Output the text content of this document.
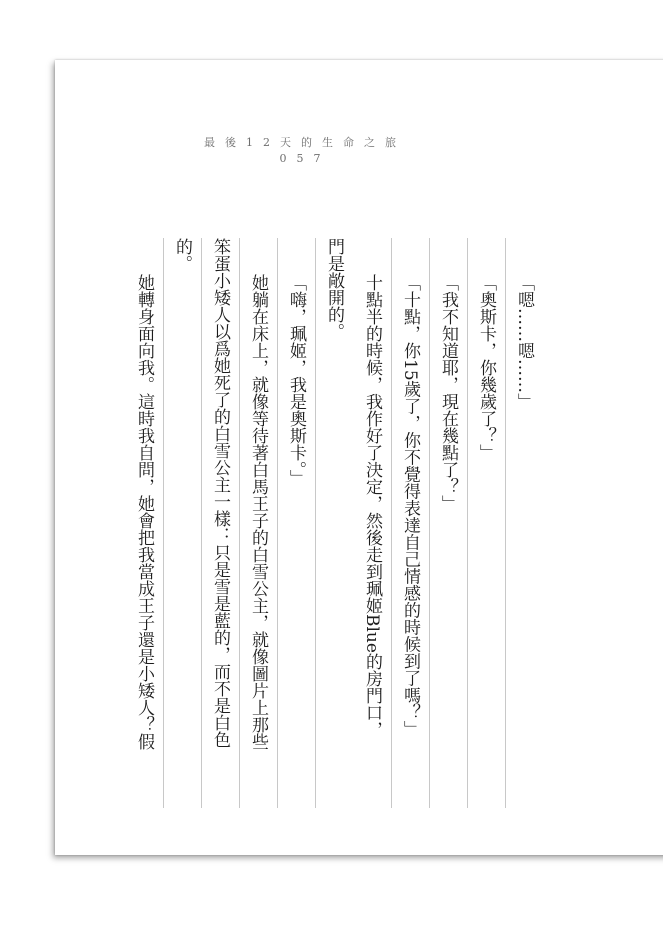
最後12天的生命之旅
057
「嗯……嗯……」
「奧斯卡，你幾歲了？」
「我不知道耶，現在幾點了？」
「十點，你15歲了，你不覺得表達自己情感的時候到了嗎？」
十點半的時候，我作好了決定，然後走到珮姬Blue的房門口，
門是敞開的。
「嗨，珮姬，我是奧斯卡。」
她躺在床上，就像等待著白馬王子的白雪公主，就像圖片上那些
笨蛋小矮人以爲她死了的白雪公主一樣：只是雪是藍的，而不是白色
的。
她轉身面向我。這時我自問，她會把我當成王子還是小矮人？假
